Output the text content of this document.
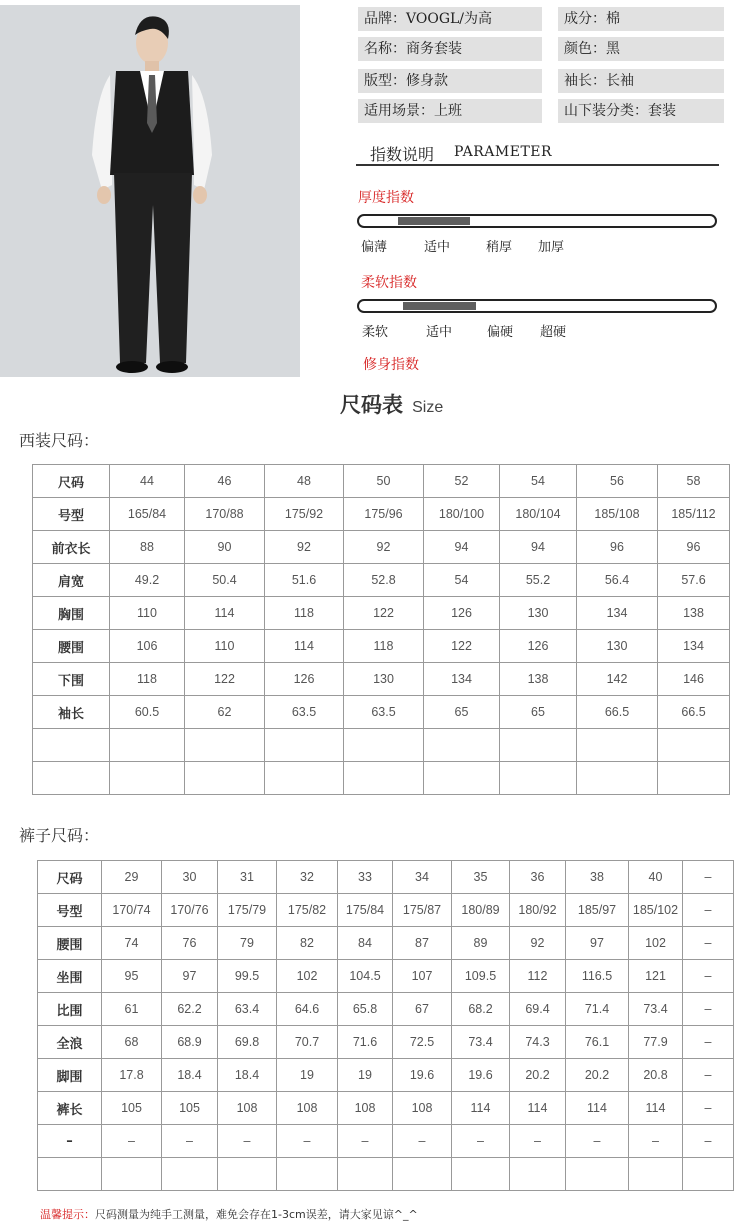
品牌：VOOGL/为高	成分：棉
名称：商务套装	颜色：黑
版型：修身款	袖长：长袖
适用场景：上班	山下装分类：套装
指数说明 PARAMETER
厚度指数
偏薄	适中	稍厚 加厚
柔软指数
柔软	适中	偏硬 超硬
修身指数
尺码表 Size
西装尺码：
尺码	44	46	48	50	52	54	56	58
号型	165/84	170/88	175/92	175/96	180/100	180/104	185/108	185/112
前衣长	88	90	92	92	94	94	96	96
肩宽	49.2	50.4	51.6	52.8	54	55.2	56.4	57.6
胸围	110	114	118	122	126	130	134	138
腰围	106	110	114	118	122	126	130	134
下围	118	122	126	130	134	138	142	146
袖长	60.5	62	63.5	63.5	65	65	66.5	66.5

裤子尺码：
尺码	29	30	31	32	33	34	35	36	38	40	–
号型	170/74	170/76	175/79	175/82	175/84	175/87	180/89	180/92	185/97	185/102	–
腰围	74	76	79	82	84	87	89	92	97	102	–
坐围	95	97	99.5	102	104.5	107	109.5	112	116.5	121	–
比围	61	62.2	63.4	64.6	65.8	67	68.2	69.4	71.4	73.4	–
全浪	68	68.9	69.8	70.7	71.6	72.5	73.4	74.3	76.1	77.9	–
脚围	17.8	18.4	18.4	19	19	19.6	19.6	20.2	20.2	20.8	–
裤长	105	105	108	108	108	108	114	114	114	114	–
–	–	–	–	–	–	–	–	–	–	–	–

温馨提示：尺码测量为纯手工测量，难免会存在1-3cm误差，请大家见谅^_^
